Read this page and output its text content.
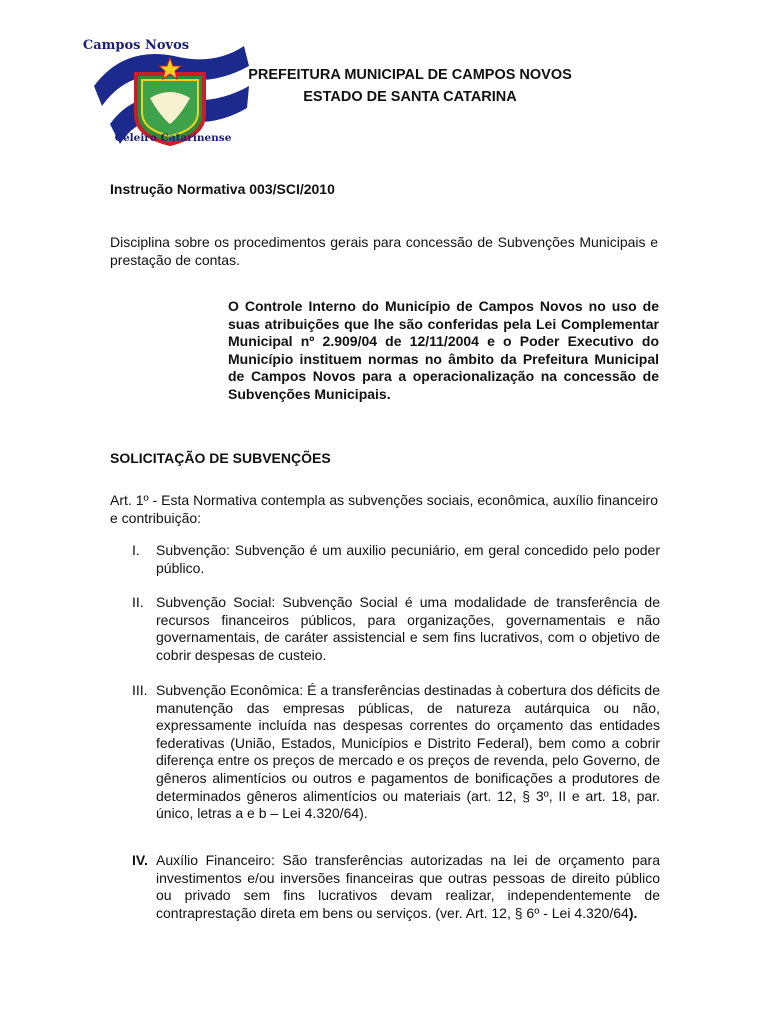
Campos Novos
Celeiro Catarinense
PREFEITURA MUNICIPAL DE CAMPOS NOVOS
ESTADO DE SANTA CATARINA
Instrução Normativa 003/SCI/2010

Disciplina sobre os procedimentos gerais para concessão de Subvenções Municipais e prestação de contas.

O Controle Interno do Município de Campos Novos no uso de suas atribuições que lhe são conferidas pela Lei Complementar Municipal nº 2.909/04 de 12/11/2004 e o Poder Executivo do Município instituem normas no âmbito da Prefeitura Municipal de Campos Novos para a operacionalização na concessão de Subvenções Municipais.

SOLICITAÇÃO DE SUBVENÇÕES

Art. 1º - Esta Normativa contempla as subvenções sociais, econômica, auxílio financeiro e contribuição:

I. Subvenção: Subvenção é um auxilio pecuniário, em geral concedido pelo poder público.
II. Subvenção Social: Subvenção Social é uma modalidade de transferência de recursos financeiros públicos, para organizações, governamentais e não governamentais, de caráter assistencial e sem fins lucrativos, com o objetivo de cobrir despesas de custeio.
III. Subvenção Econômica: É a transferências destinadas à cobertura dos déficits de manutenção das empresas públicas, de natureza autárquica ou não, expressamente incluída nas despesas correntes do orçamento das entidades federativas (União, Estados, Municípios e Distrito Federal), bem como a cobrir diferença entre os preços de mercado e os preços de revenda, pelo Governo, de gêneros alimentícios ou outros e pagamentos de bonificações a produtores de determinados gêneros alimentícios ou materiais (art. 12, § 3º, II e art. 18, par. único, letras a e b – Lei 4.320/64).
IV. Auxílio Financeiro: São transferências autorizadas na lei de orçamento para investimentos e/ou inversões financeiras que outras pessoas de direito público ou privado sem fins lucrativos devam realizar, independentemente de contraprestação direta em bens ou serviços. (ver. Art. 12, § 6º - Lei 4.320/64).
